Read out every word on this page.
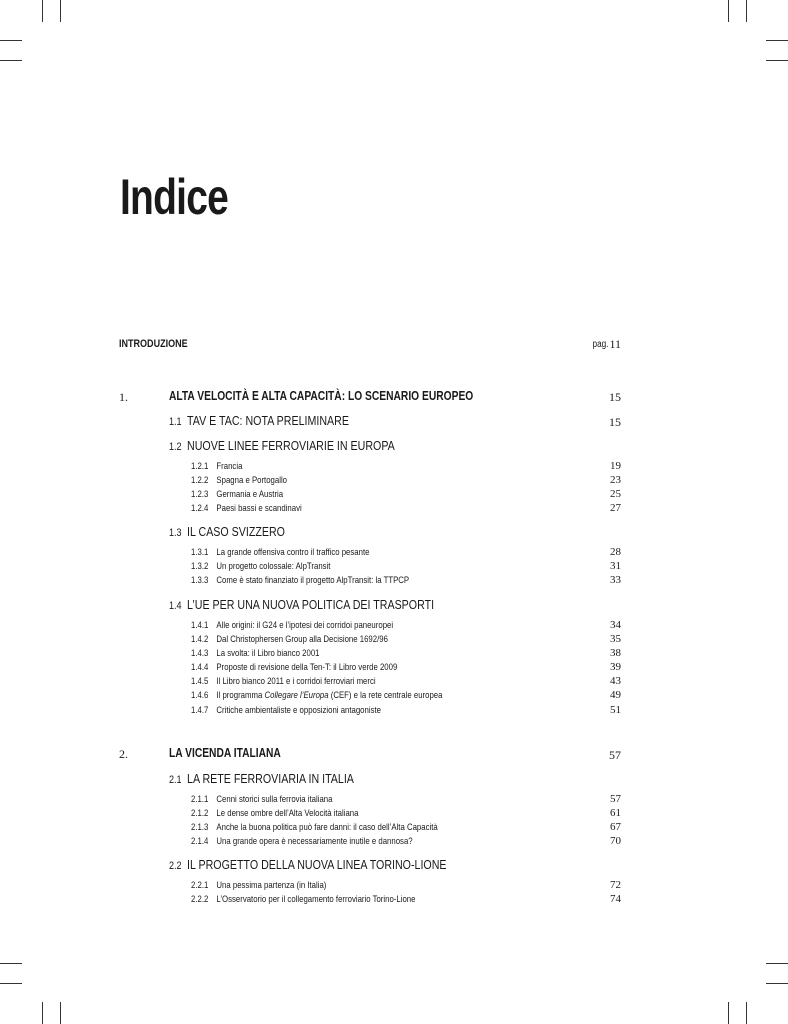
Indice
INTRODUZIONE	pag. 11
1.	ALTA VELOCITÀ E ALTA CAPACITÀ: LO SCENARIO EUROPEO	15
1.1 TAV E TAC: NOTA PRELIMINARE	15
1.2 NUOVE LINEE FERROVIARIE IN EUROPA
1.2.1 Francia	19
1.2.2 Spagna e Portogallo	23
1.2.3 Germania e Austria	25
1.2.4 Paesi bassi e scandinavi	27
1.3 IL CASO SVIZZERO
1.3.1 La grande offensiva contro il traffico pesante	28
1.3.2 Un progetto colossale: AlpTransit	31
1.3.3 Come è stato finanziato il progetto AlpTransit: la TTPCP	33
1.4 L’UE PER UNA NUOVA POLITICA DEI TRASPORTI
1.4.1 Alle origini: il G24 e l’ipotesi dei corridoi paneuropei	34
1.4.2 Dal Christophersen Group alla Decisione 1692/96	35
1.4.3 La svolta: il Libro bianco 2001	38
1.4.4 Proposte di revisione della Ten-T: il Libro verde 2009	39
1.4.5 Il Libro bianco 2011 e i corridoi ferroviari merci	43
1.4.6 Il programma Collegare l’Europa (CEF) e la rete centrale europea	49
1.4.7 Critiche ambientaliste e opposizioni antagoniste	51
2.	LA VICENDA ITALIANA	57
2.1 LA RETE FERROVIARIA IN ITALIA
2.1.1 Cenni storici sulla ferrovia italiana	57
2.1.2 Le dense ombre dell’Alta Velocità italiana	61
2.1.3 Anche la buona politica può fare danni: il caso dell’Alta Capacità	67
2.1.4 Una grande opera è necessariamente inutile e dannosa?	70
2.2 IL PROGETTO DELLA NUOVA LINEA TORINO-LIONE
2.2.1 Una pessima partenza (in Italia)	72
2.2.2 L’Osservatorio per il collegamento ferroviario Torino-Lione	74
